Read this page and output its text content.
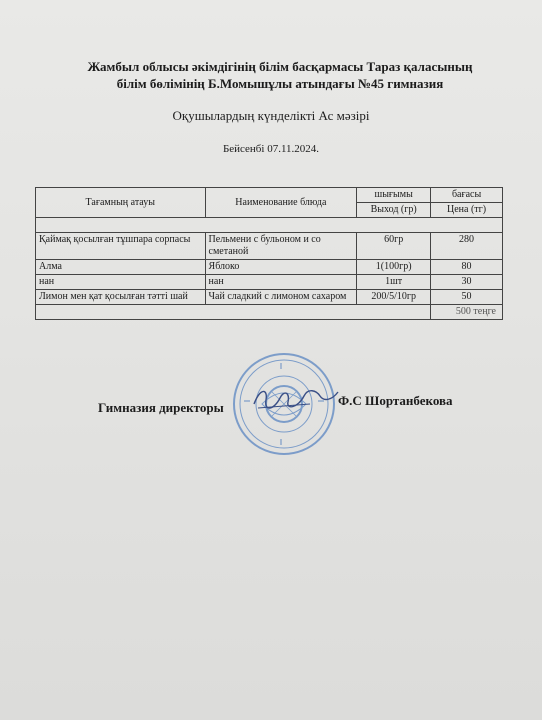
Жамбыл облысы әкімдігінің білім басқармасы Тараз қаласының
білім бөлімінің Б.Момышұлы атындағы №45 гимназия
Оқушылардың күнделікті Ас мәзірі
Бейсенбі 07.11.2024.
Тағамның атауы	Наименование блюда	шығымы	бағасы
		Выход (гр)	Цена (тг)

Қаймақ қосылған тұшпара сорпасы	Пельмени с бульоном и со сметаной	60гр	280
Алма	Яблоко	1(100гр)	80
нан	нан	1шт	30
Лимон мен қат қосылған тәтті шай	Чай сладкий с лимоном сахаром	200/5/10гр	50
			500 теңге
Гимназия директоры	Ф.С Шортанбекова
